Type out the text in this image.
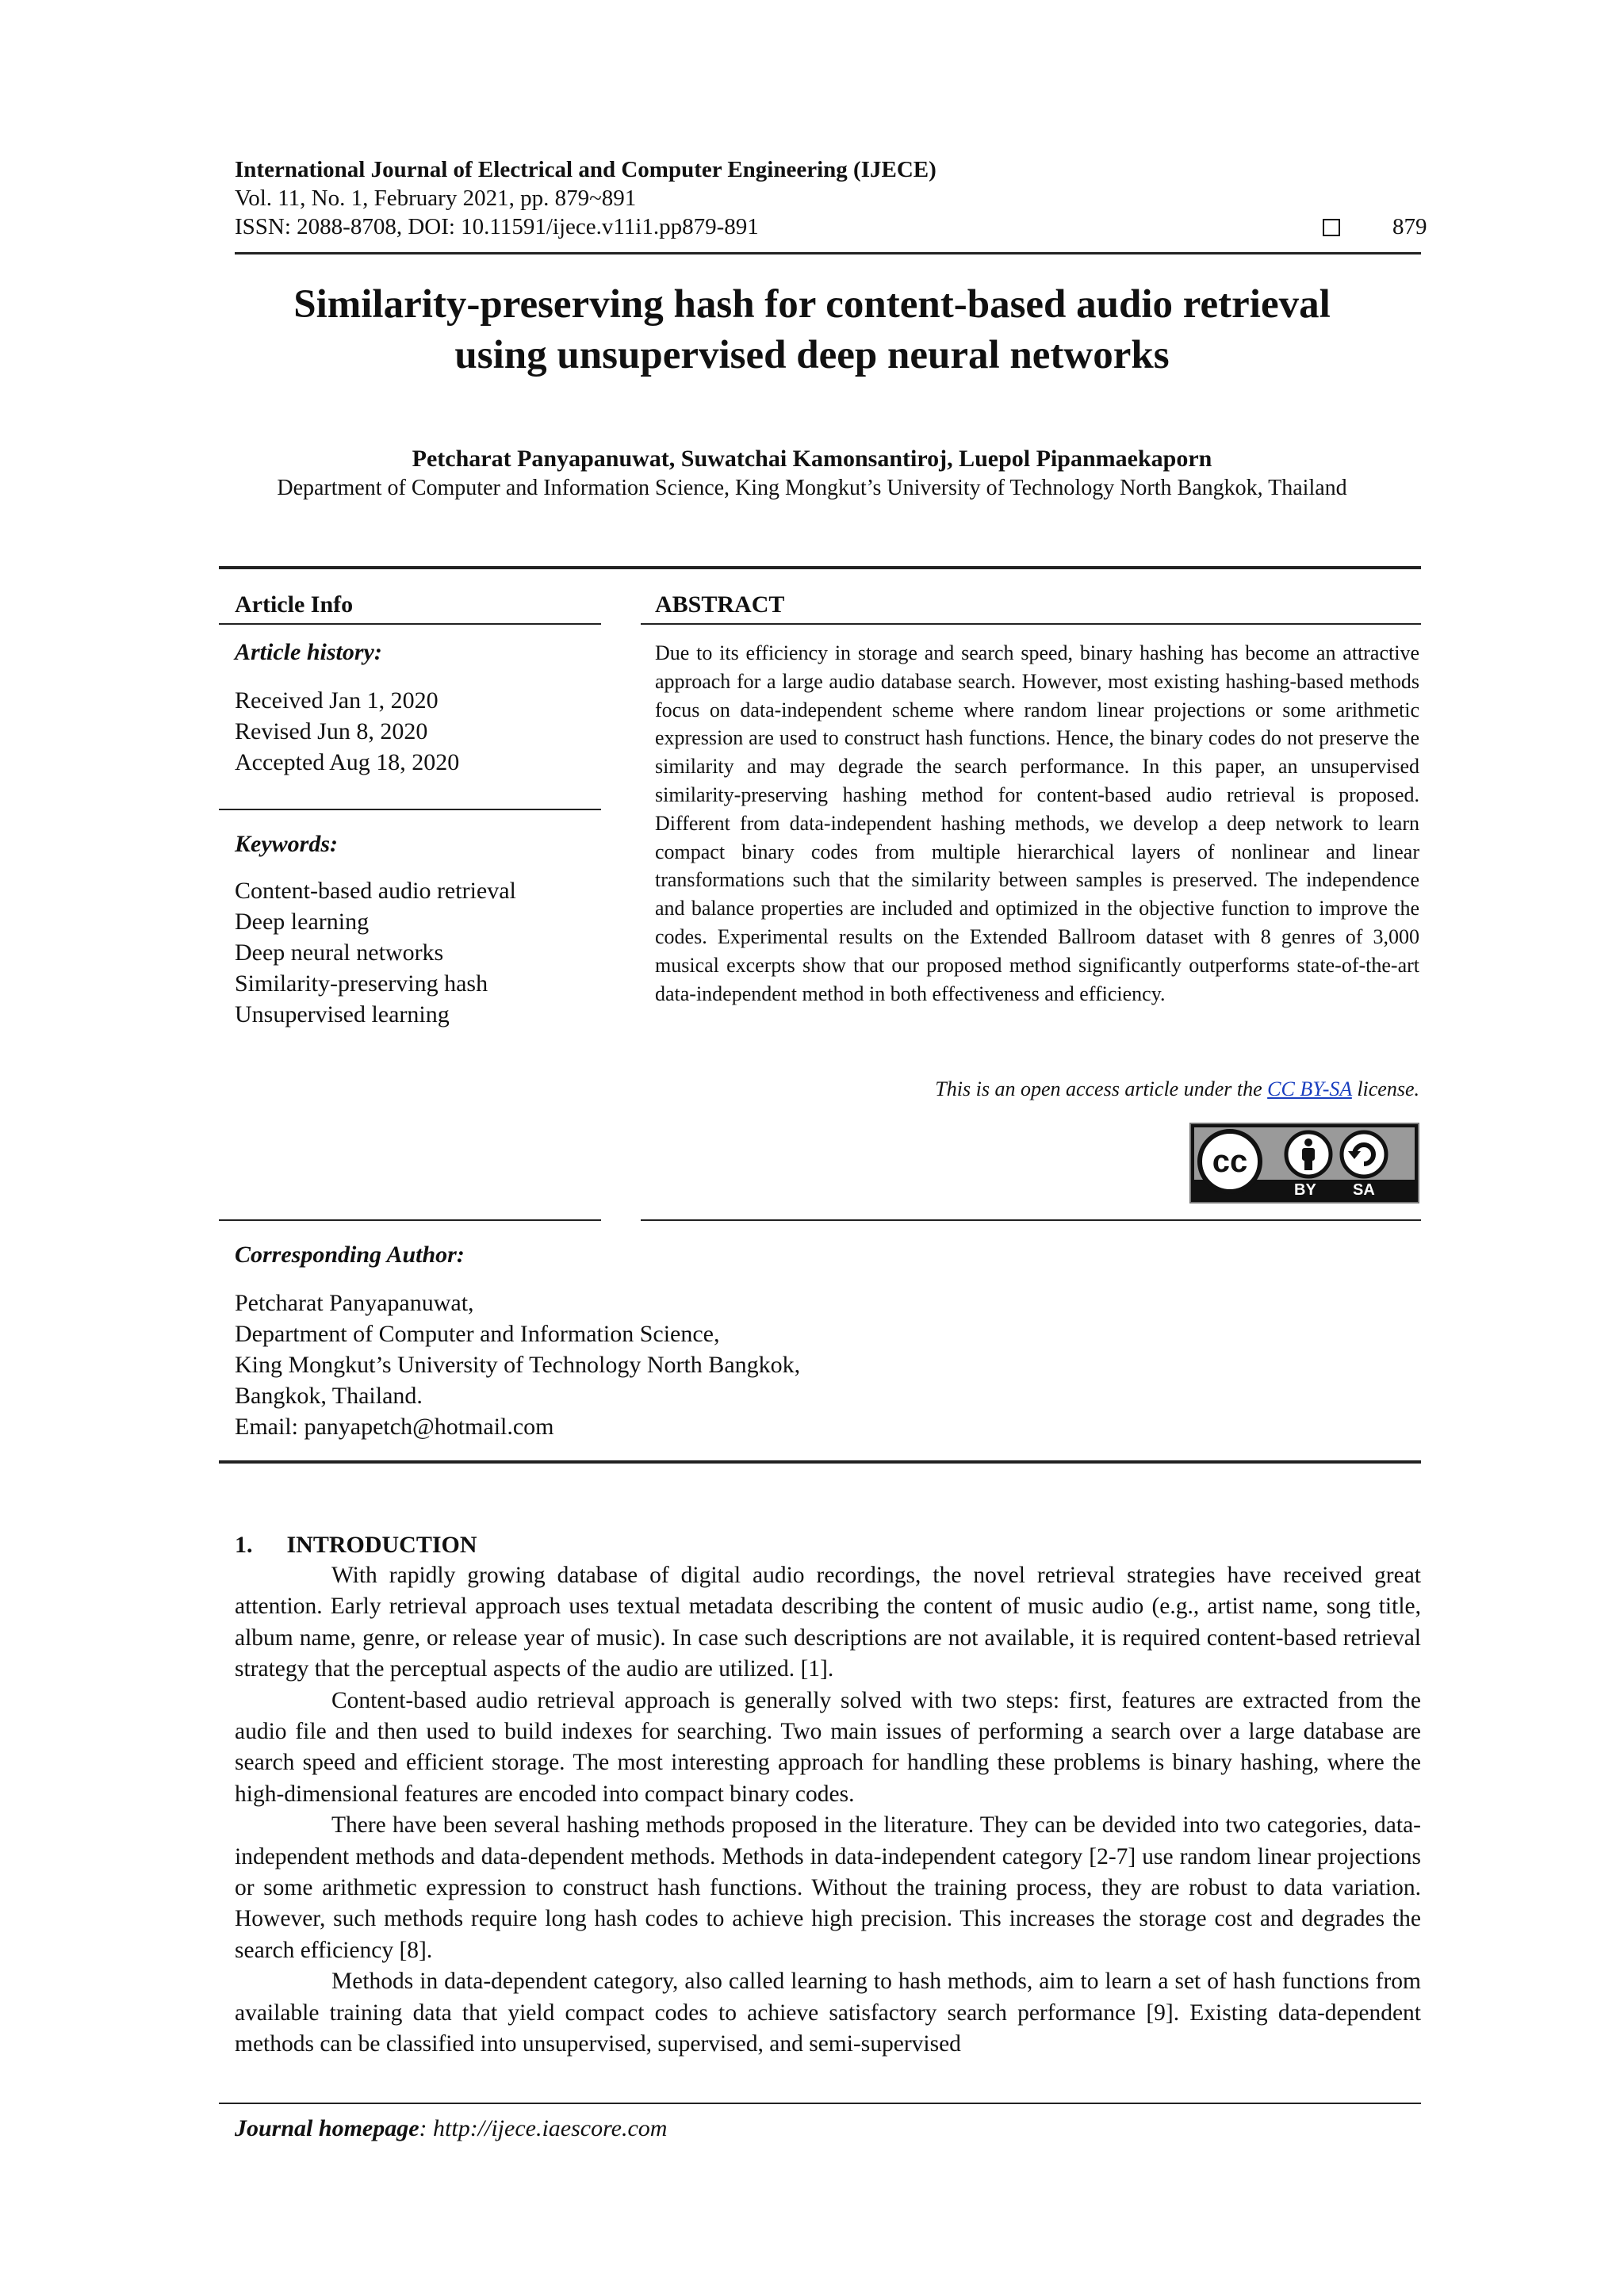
International Journal of Electrical and Computer Engineering (IJECE)
Vol. 11, No. 1, February 2021, pp. 879~891
ISSN: 2088-8708, DOI: 10.11591/ijece.v11i1.pp879-891	879
Similarity-preserving hash for content-based audio retrieval
using unsupervised deep neural networks
Petcharat Panyapanuwat, Suwatchai Kamonsantiroj, Luepol Pipanmaekaporn
Department of Computer and Information Science, King Mongkut’s University of Technology North Bangkok, Thailand
Article Info
Article history:
Received Jan 1, 2020
Revised Jun 8, 2020
Accepted Aug 18, 2020
Keywords:
Content-based audio retrieval
Deep learning
Deep neural networks
Similarity-preserving hash
Unsupervised learning
ABSTRACT
Due to its efficiency in storage and search speed, binary hashing has become an attractive approach for a large audio database search. However, most existing hashing-based methods focus on data-independent scheme where random linear projections or some arithmetic expression are used to construct hash functions. Hence, the binary codes do not preserve the similarity and may degrade the search performance. In this paper, an unsupervised similarity-preserving hashing method for content-based audio retrieval is proposed. Different from data-independent hashing methods, we develop a deep network to learn compact binary codes from multiple hierarchical layers of nonlinear and linear transformations such that the similarity between samples is preserved. The independence and balance properties are included and optimized in the objective function to improve the codes. Experimental results on the Extended Ballroom dataset with 8 genres of 3,000 musical excerpts show that our proposed method significantly outperforms state-of-the-art data-independent method in both effectiveness and efficiency.
This is an open access article under the CC BY-SA license.
cc
BY SA
Corresponding Author:
Petcharat Panyapanuwat,
Department of Computer and Information Science,
King Mongkut’s University of Technology North Bangkok,
Bangkok, Thailand.
Email: panyapetch@hotmail.com
1. INTRODUCTION

With rapidly growing database of digital audio recordings, the novel retrieval strategies have received great attention. Early retrieval approach uses textual metadata describing the content of music audio (e.g., artist name, song title, album name, genre, or release year of music). In case such descriptions are not available, it is required content-based retrieval strategy that the perceptual aspects of the audio are utilized. [1].

Content-based audio retrieval approach is generally solved with two steps: first, features are extracted from the audio file and then used to build indexes for searching. Two main issues of performing a search over a large database are search speed and efficient storage. The most interesting approach for handling these problems is binary hashing, where the high-dimensional features are encoded into compact binary codes.

There have been several hashing methods proposed in the literature. They can be devided into two categories, data-independent methods and data-dependent methods. Methods in data-independent category [2-7] use random linear projections or some arithmetic expression to construct hash functions. Without the training process, they are robust to data variation. However, such methods require long hash codes to achieve high precision. This increases the storage cost and degrades the search efficiency [8].

Methods in data-dependent category, also called learning to hash methods, aim to learn a set of hash functions from available training data that yield compact codes to achieve satisfactory search performance [9]. Existing data-dependent methods can be classified into unsupervised, supervised, and semi-supervised

Journal homepage: http://ijece.iaescore.com
